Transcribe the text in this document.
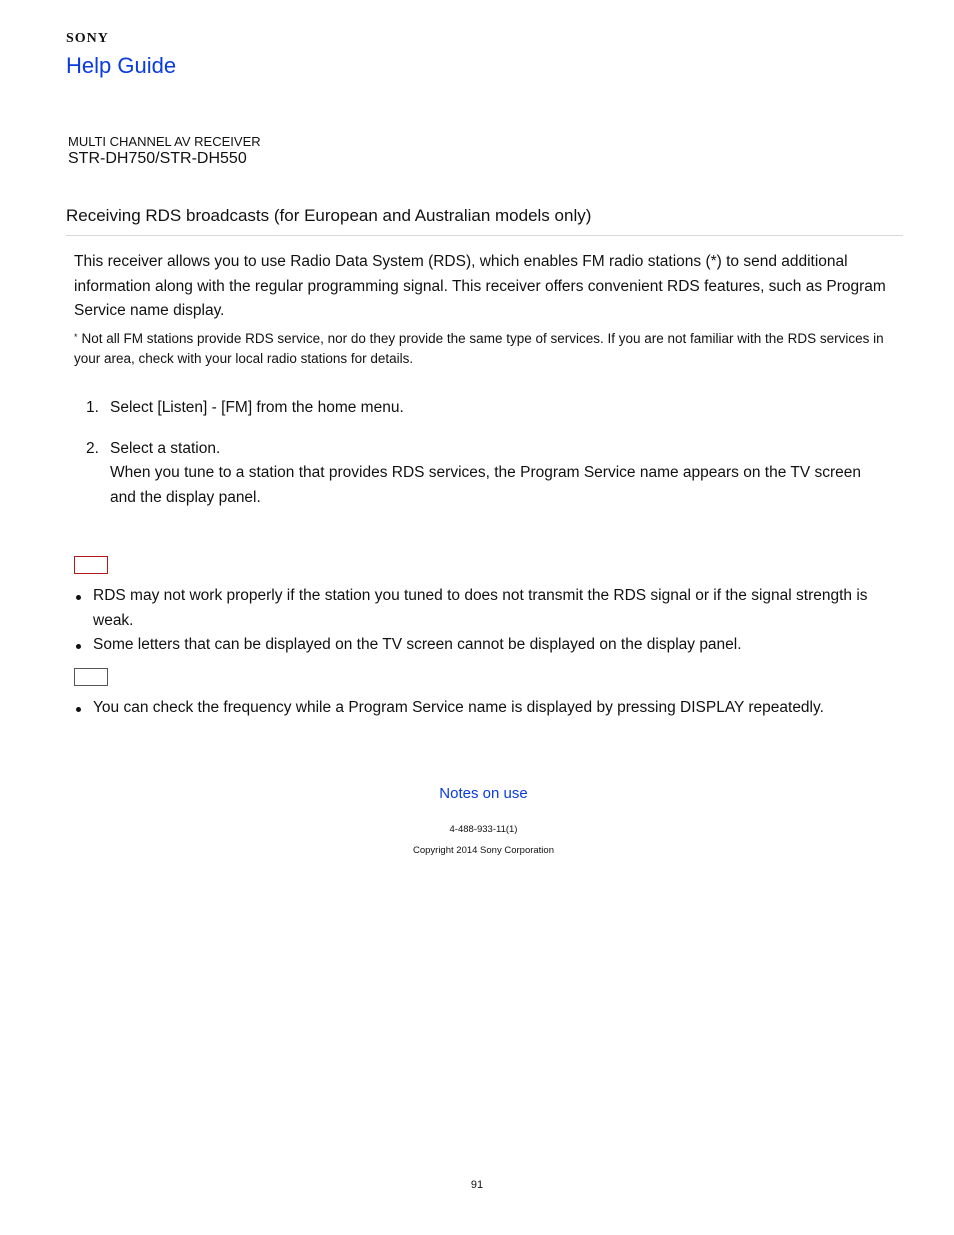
SONY
Help Guide
MULTI CHANNEL AV RECEIVER
STR-DH750/STR-DH550
Receiving RDS broadcasts (for European and Australian models only)
This receiver allows you to use Radio Data System (RDS), which enables FM radio stations (*) to send additional information along with the regular programming signal. This receiver offers convenient RDS features, such as Program Service name display.
* Not all FM stations provide RDS service, nor do they provide the same type of services. If you are not familiar with the RDS services in your area, check with your local radio stations for details.
1. Select [Listen] - [FM] from the home menu.
2. Select a station.
When you tune to a station that provides RDS services, the Program Service name appears on the TV screen and the display panel.
RDS may not work properly if the station you tuned to does not transmit the RDS signal or if the signal strength is weak.
Some letters that can be displayed on the TV screen cannot be displayed on the display panel.
You can check the frequency while a Program Service name is displayed by pressing DISPLAY repeatedly.
Notes on use
4-488-933-11(1)
Copyright 2014 Sony Corporation
91
